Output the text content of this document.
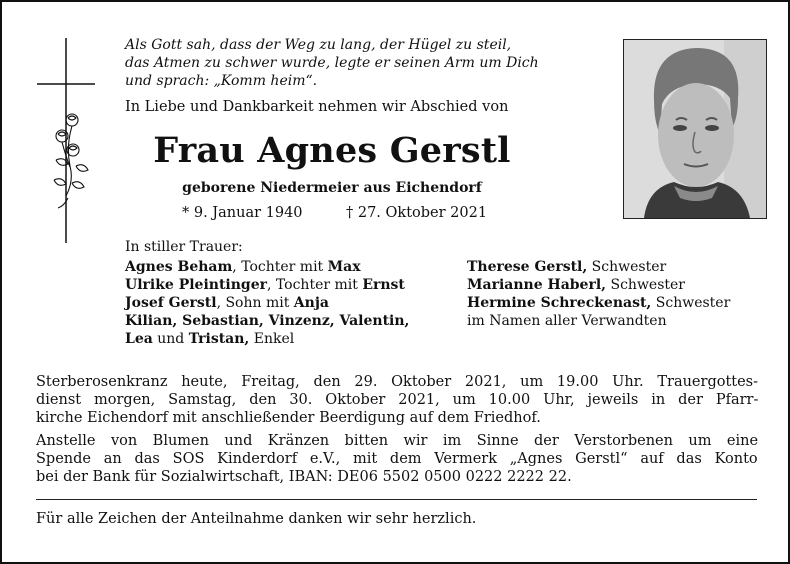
Als Gott sah, dass der Weg zu lang, der Hügel zu steil,
das Atmen zu schwer wurde, legte er seinen Arm um Dich
und sprach: „Komm heim“.
In Liebe und Dankbarkeit nehmen wir Abschied von
Frau Agnes Gerstl
geborene Niedermeier aus Eichendorf
* 9. Januar 1940	† 27. Oktober 2021
In stiller Trauer:
Agnes Beham, Tochter mit Max
Ulrike Pleintinger, Tochter mit Ernst
Josef Gerstl, Sohn mit Anja
Kilian, Sebastian, Vinzenz, Valentin,
Lea und Tristan, Enkel
Therese Gerstl, Schwester
Marianne Haberl, Schwester
Hermine Schreckenast, Schwester
im Namen aller Verwandten
Sterberosenkranz heute, Freitag, den 29. Oktober 2021, um 19.00 Uhr. Trauergottes-
dienst morgen, Samstag, den 30. Oktober 2021, um 10.00 Uhr, jeweils in der Pfarr-
kirche Eichendorf mit anschließender Beerdigung auf dem Friedhof.
Anstelle von Blumen und Kränzen bitten wir im Sinne der Verstorbenen um eine
Spende an das SOS Kinderdorf e.V., mit dem Vermerk „Agnes Gerstl“ auf das Konto
bei der Bank für Sozialwirtschaft, IBAN: DE06 5502 0500 0222 2222 22.
Für alle Zeichen der Anteilnahme danken wir sehr herzlich.
